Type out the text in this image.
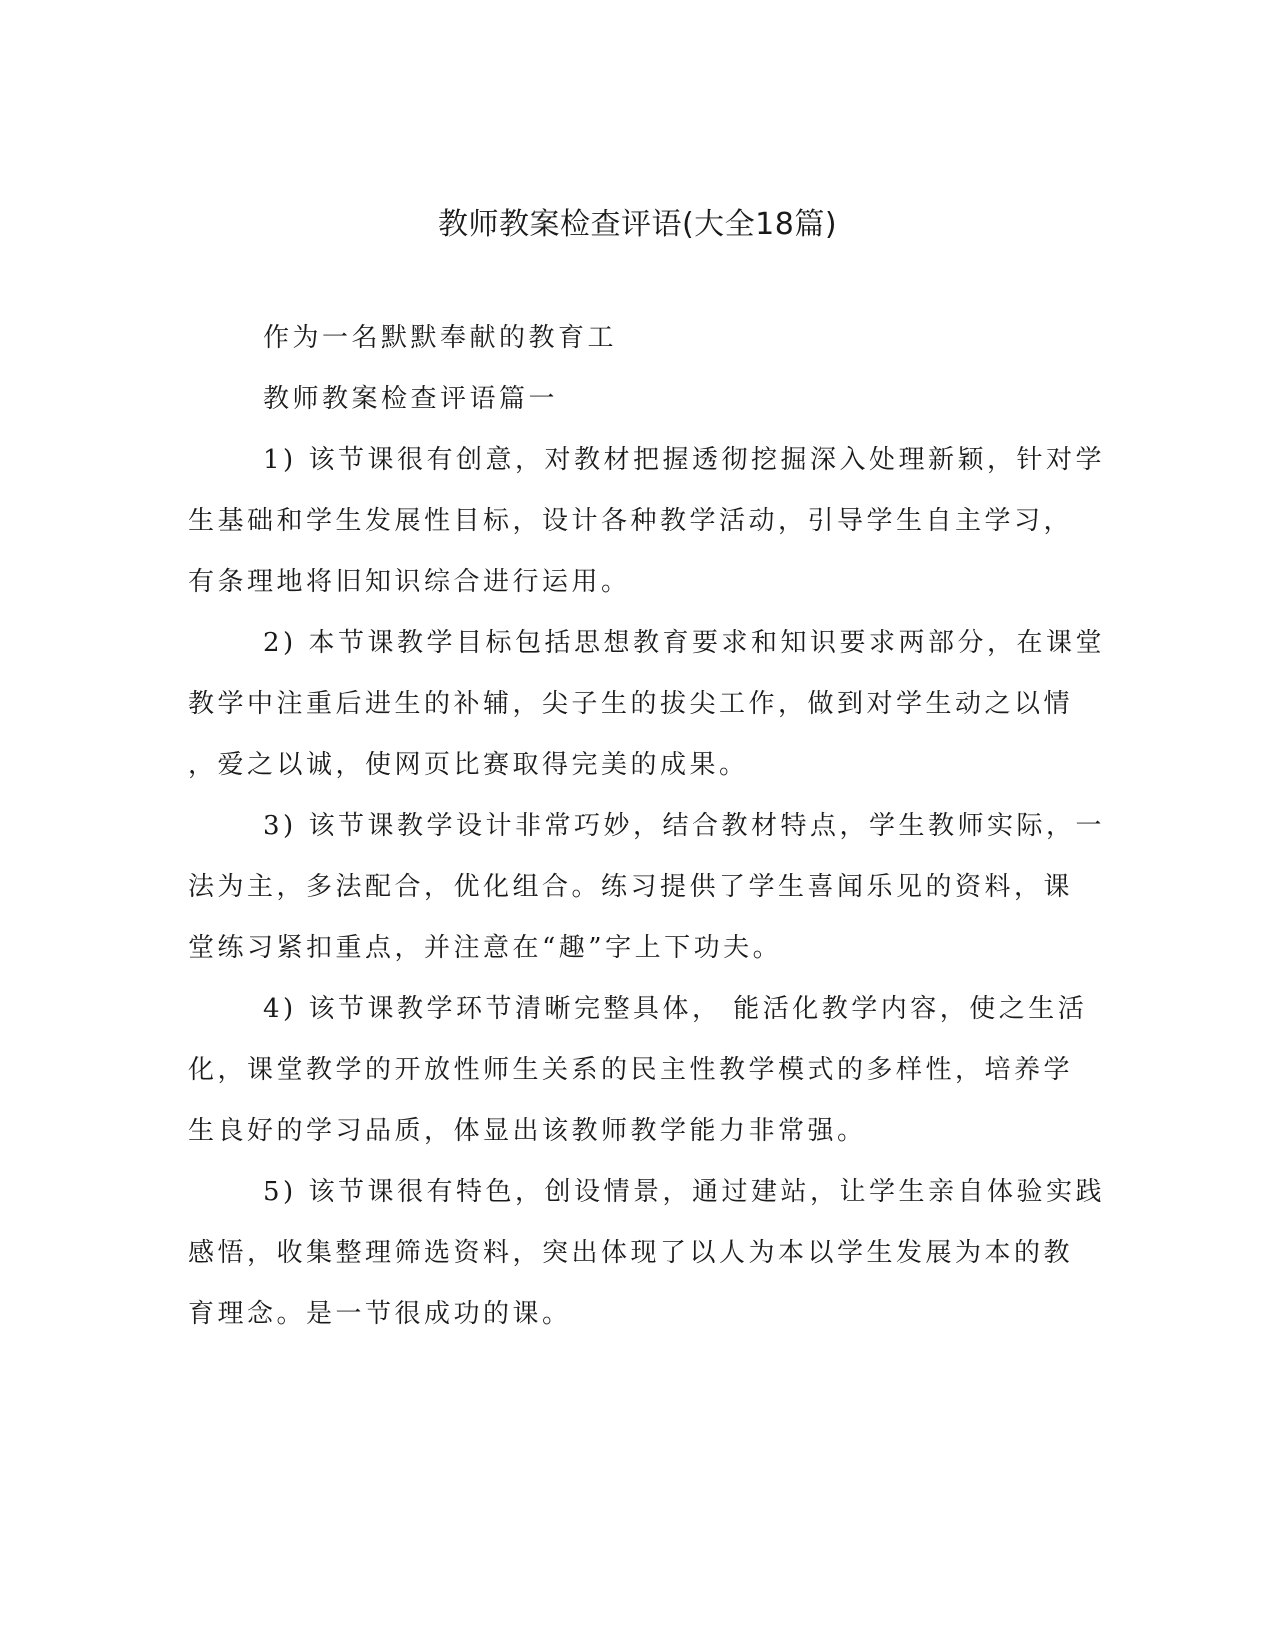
教师教案检查评语(大全18篇)

作为一名默默奉献的教育工

教师教案检查评语篇一

1) 该节课很有创意，对教材把握透彻挖掘深入处理新颖，针对学

生基础和学生发展性目标，设计各种教学活动，引导学生自主学习，

有条理地将旧知识综合进行运用。

2) 本节课教学目标包括思想教育要求和知识要求两部分，在课堂

教学中注重后进生的补辅，尖子生的拔尖工作，做到对学生动之以情

，爱之以诚，使网页比赛取得完美的成果。

3) 该节课教学设计非常巧妙，结合教材特点，学生教师实际，一

法为主，多法配合，优化组合。练习提供了学生喜闻乐见的资料，课

堂练习紧扣重点，并注意在“趣”字上下功夫。

4) 该节课教学环节清晰完整具体， 能活化教学内容，使之生活

化，课堂教学的开放性师生关系的民主性教学模式的多样性，培养学

生良好的学习品质，体显出该教师教学能力非常强。

5) 该节课很有特色，创设情景，通过建站，让学生亲自体验实践

感悟，收集整理筛选资料，突出体现了以人为本以学生发展为本的教

育理念。是一节很成功的课。
